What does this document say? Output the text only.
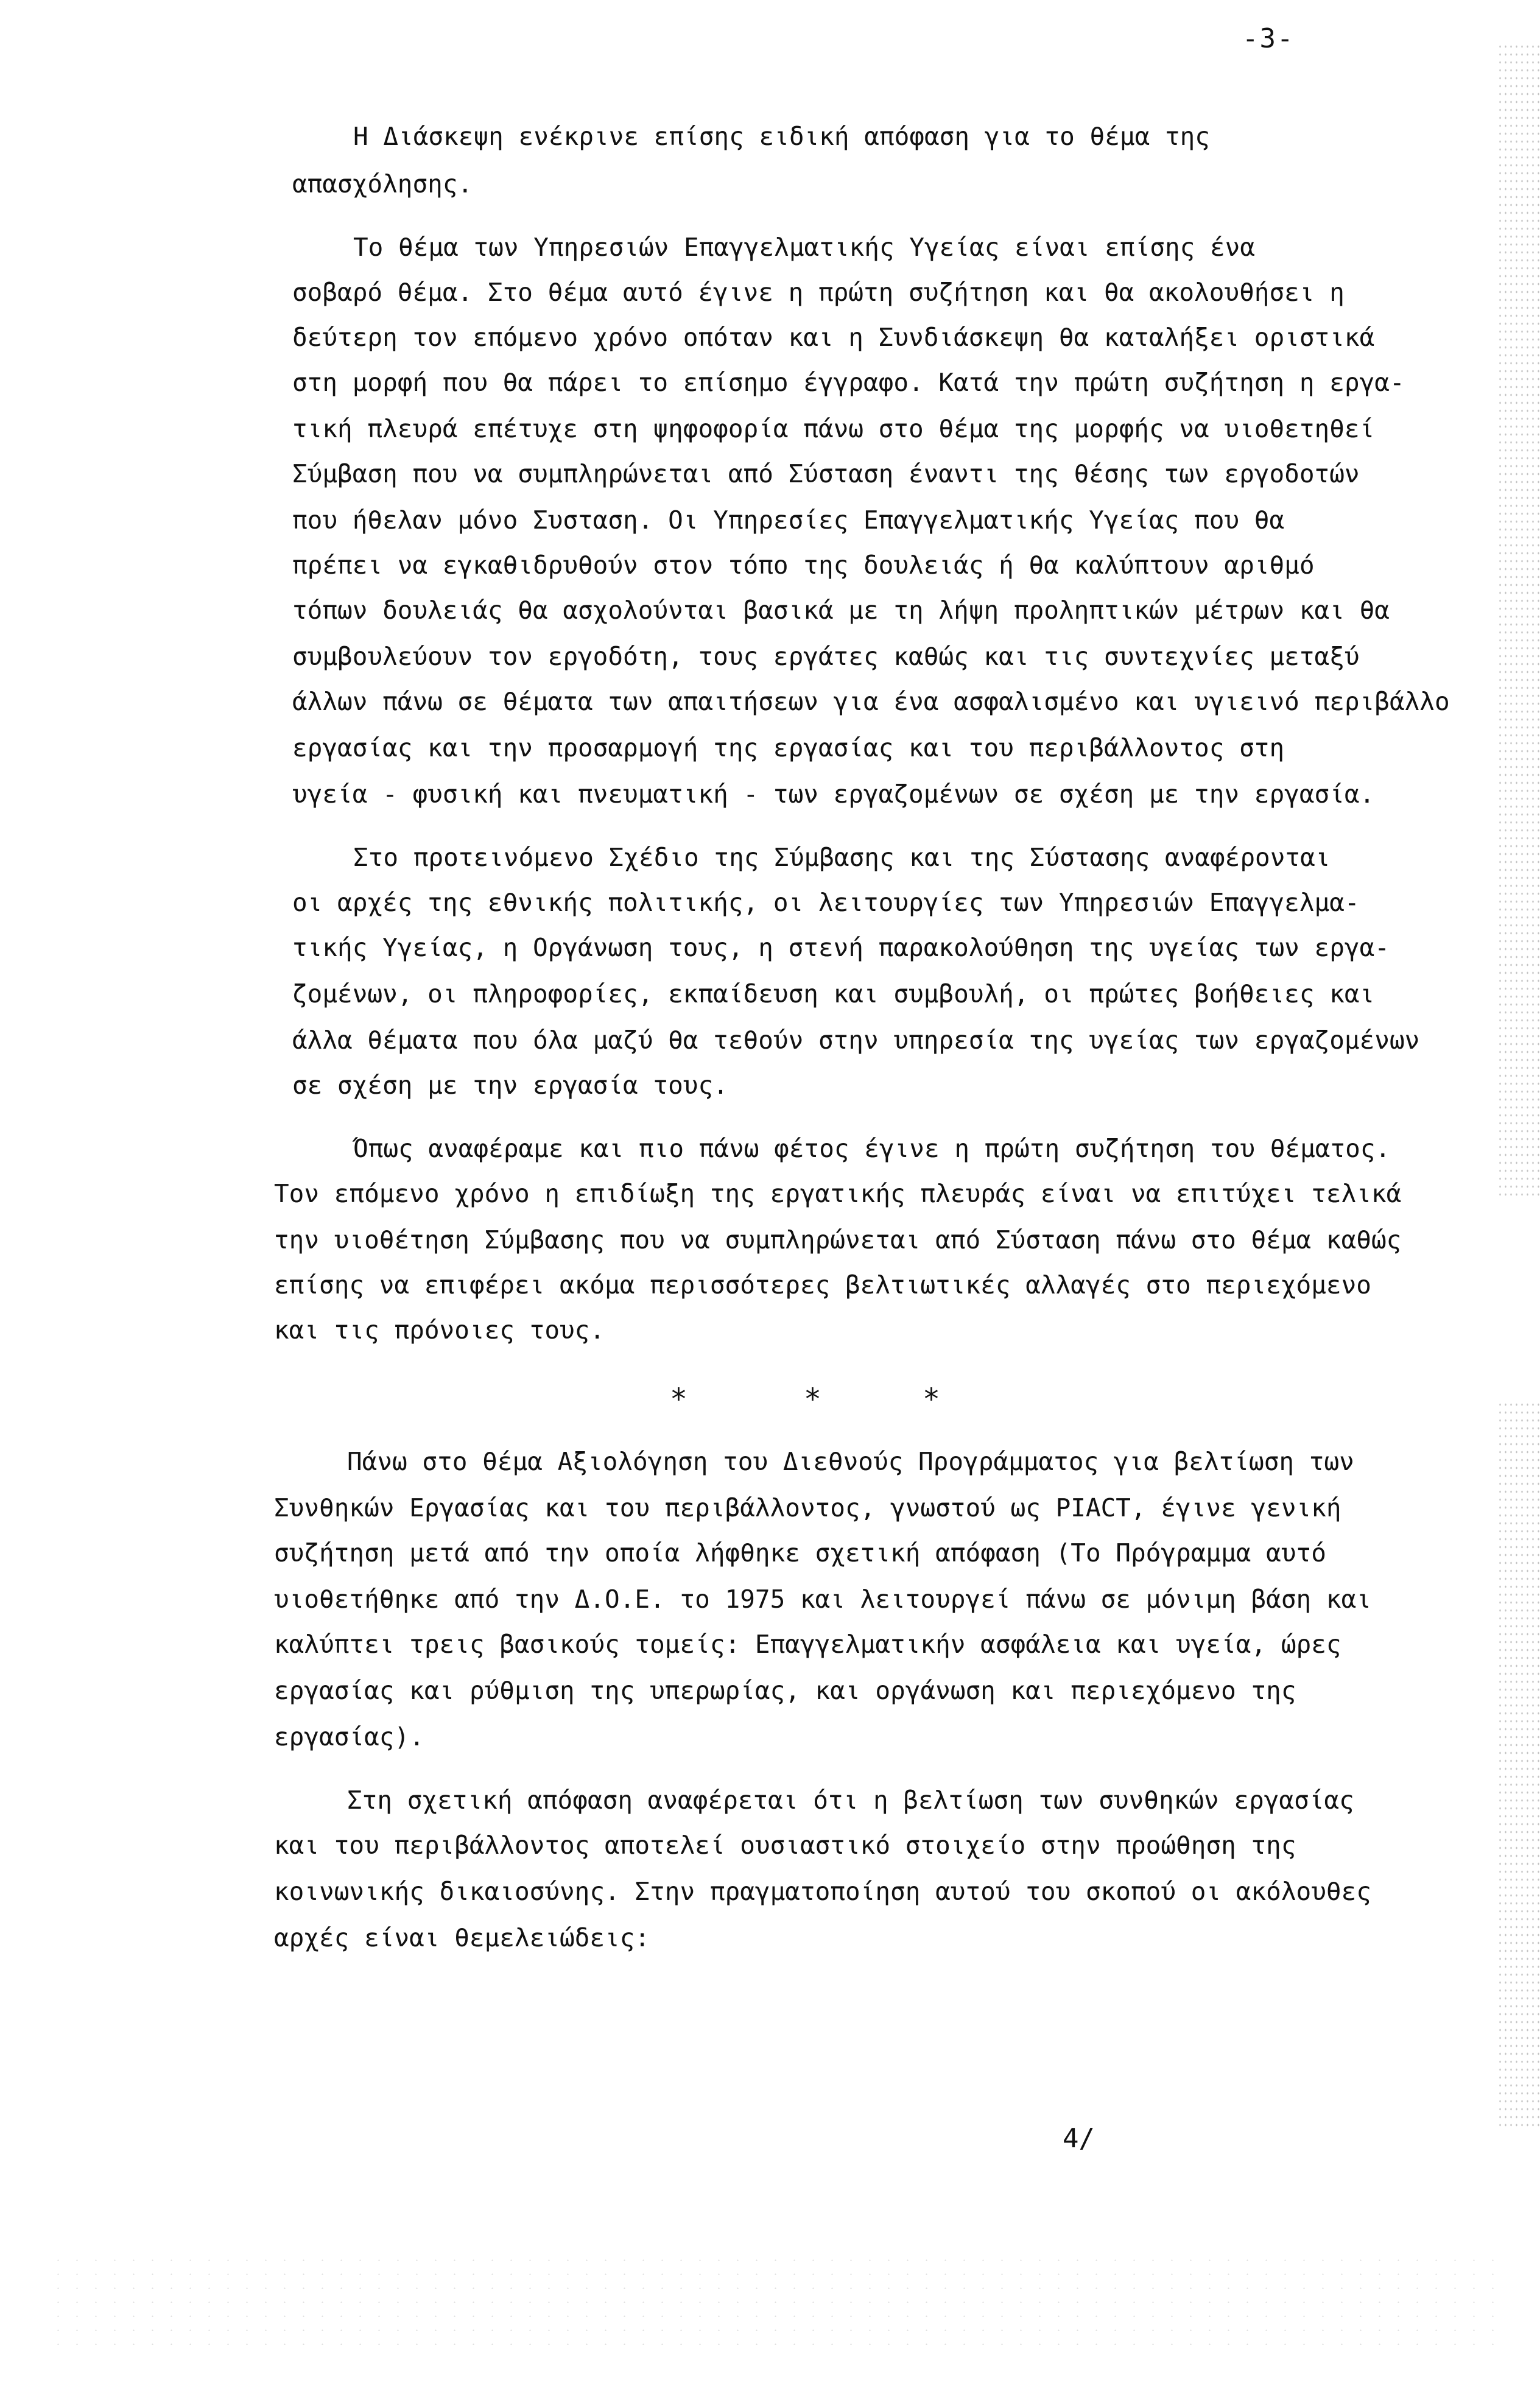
-3-
Η Διάσκεψη ενέκρινε επίσης ειδική απόφαση για το θέμα της
απασχόλησης.
Το θέμα των Υπηρεσιών Επαγγελματικής Υγείας είναι επίσης ένα
σοβαρό θέμα. Στο θέμα αυτό έγινε η πρώτη συζήτηση και θα ακολουθήσει η
δεύτερη τον επόμενο χρόνο οπόταν και η Συνδιάσκεψη θα καταλήξει οριστικά
στη μορφή που θα πάρει το επίσημο έγγραφο. Κατά την πρώτη συζήτηση η εργα-
τική πλευρά επέτυχε στη ψηφοφορία πάνω στο θέμα της μορφής να υιοθετηθεί
Σύμβαση που να συμπληρώνεται από Σύσταση έναντι της θέσης των εργοδοτών
που ήθελαν μόνο Συσταση. Οι Υπηρεσίες Επαγγελματικής Υγείας που θα
πρέπει να εγκαθιδρυθούν στον τόπο της δουλειάς ή θα καλύπτουν αριθμό
τόπων δουλειάς θα ασχολούνται βασικά με τη λήψη προληπτικών μέτρων και θα
συμβουλεύουν τον εργοδότη, τους εργάτες καθώς και τις συντεχνίες μεταξύ
άλλων πάνω σε θέματα των απαιτήσεων για ένα ασφαλισμένο και υγιεινό περιβάλλο
εργασίας και την προσαρμογή της εργασίας και του περιβάλλοντος στη
υγεία - φυσική και πνευματική - των εργαζομένων σε σχέση με την εργασία.
Στο προτεινόμενο Σχέδιο της Σύμβασης και της Σύστασης αναφέρονται
οι αρχές της εθνικής πολιτικής, οι λειτουργίες των Υπηρεσιών Επαγγελμα-
τικής Υγείας, η Οργάνωση τους, η στενή παρακολούθηση της υγείας των εργα-
ζομένων, οι πληροφορίες, εκπαίδευση και συμβουλή, οι πρώτες βοήθειες και
άλλα θέματα που όλα μαζύ θα τεθούν στην υπηρεσία της υγείας των εργαζομένων
σε σχέση με την εργασία τους.
Όπως αναφέραμε και πιο πάνω φέτος έγινε η πρώτη συζήτηση του θέματος.
Τον επόμενο χρόνο η επιδίωξη της εργατικής πλευράς είναι να επιτύχει τελικά
την υιοθέτηση Σύμβασης που να συμπληρώνεται από Σύσταση πάνω στο θέμα καθώς
επίσης να επιφέρει ακόμα περισσότερες βελτιωτικές αλλαγές στο περιεχόμενο
και τις πρόνοιες τους.
*	*	*
Πάνω στο θέμα Αξιολόγηση του Διεθνούς Προγράμματος για βελτίωση των
Συνθηκών Εργασίας και του περιβάλλοντος, γνωστού ως PIACT, έγινε γενική
συζήτηση μετά από την οποία λήφθηκε σχετική απόφαση (Το Πρόγραμμα αυτό
υιοθετήθηκε από την Δ.Ο.Ε. το 1975 και λειτουργεί πάνω σε μόνιμη βάση και
καλύπτει τρεις βασικούς τομείς: Επαγγελματικήν ασφάλεια και υγεία, ώρες
εργασίας και ρύθμιση της υπερωρίας, και οργάνωση και περιεχόμενο της
εργασίας).
Στη σχετική απόφαση αναφέρεται ότι η βελτίωση των συνθηκών εργασίας
και του περιβάλλοντος αποτελεί ουσιαστικό στοιχείο στην προώθηση της
κοινωνικής δικαιοσύνης. Στην πραγματοποίηση αυτού του σκοπού οι ακόλουθες
αρχές είναι θεμελειώδεις:
4/
